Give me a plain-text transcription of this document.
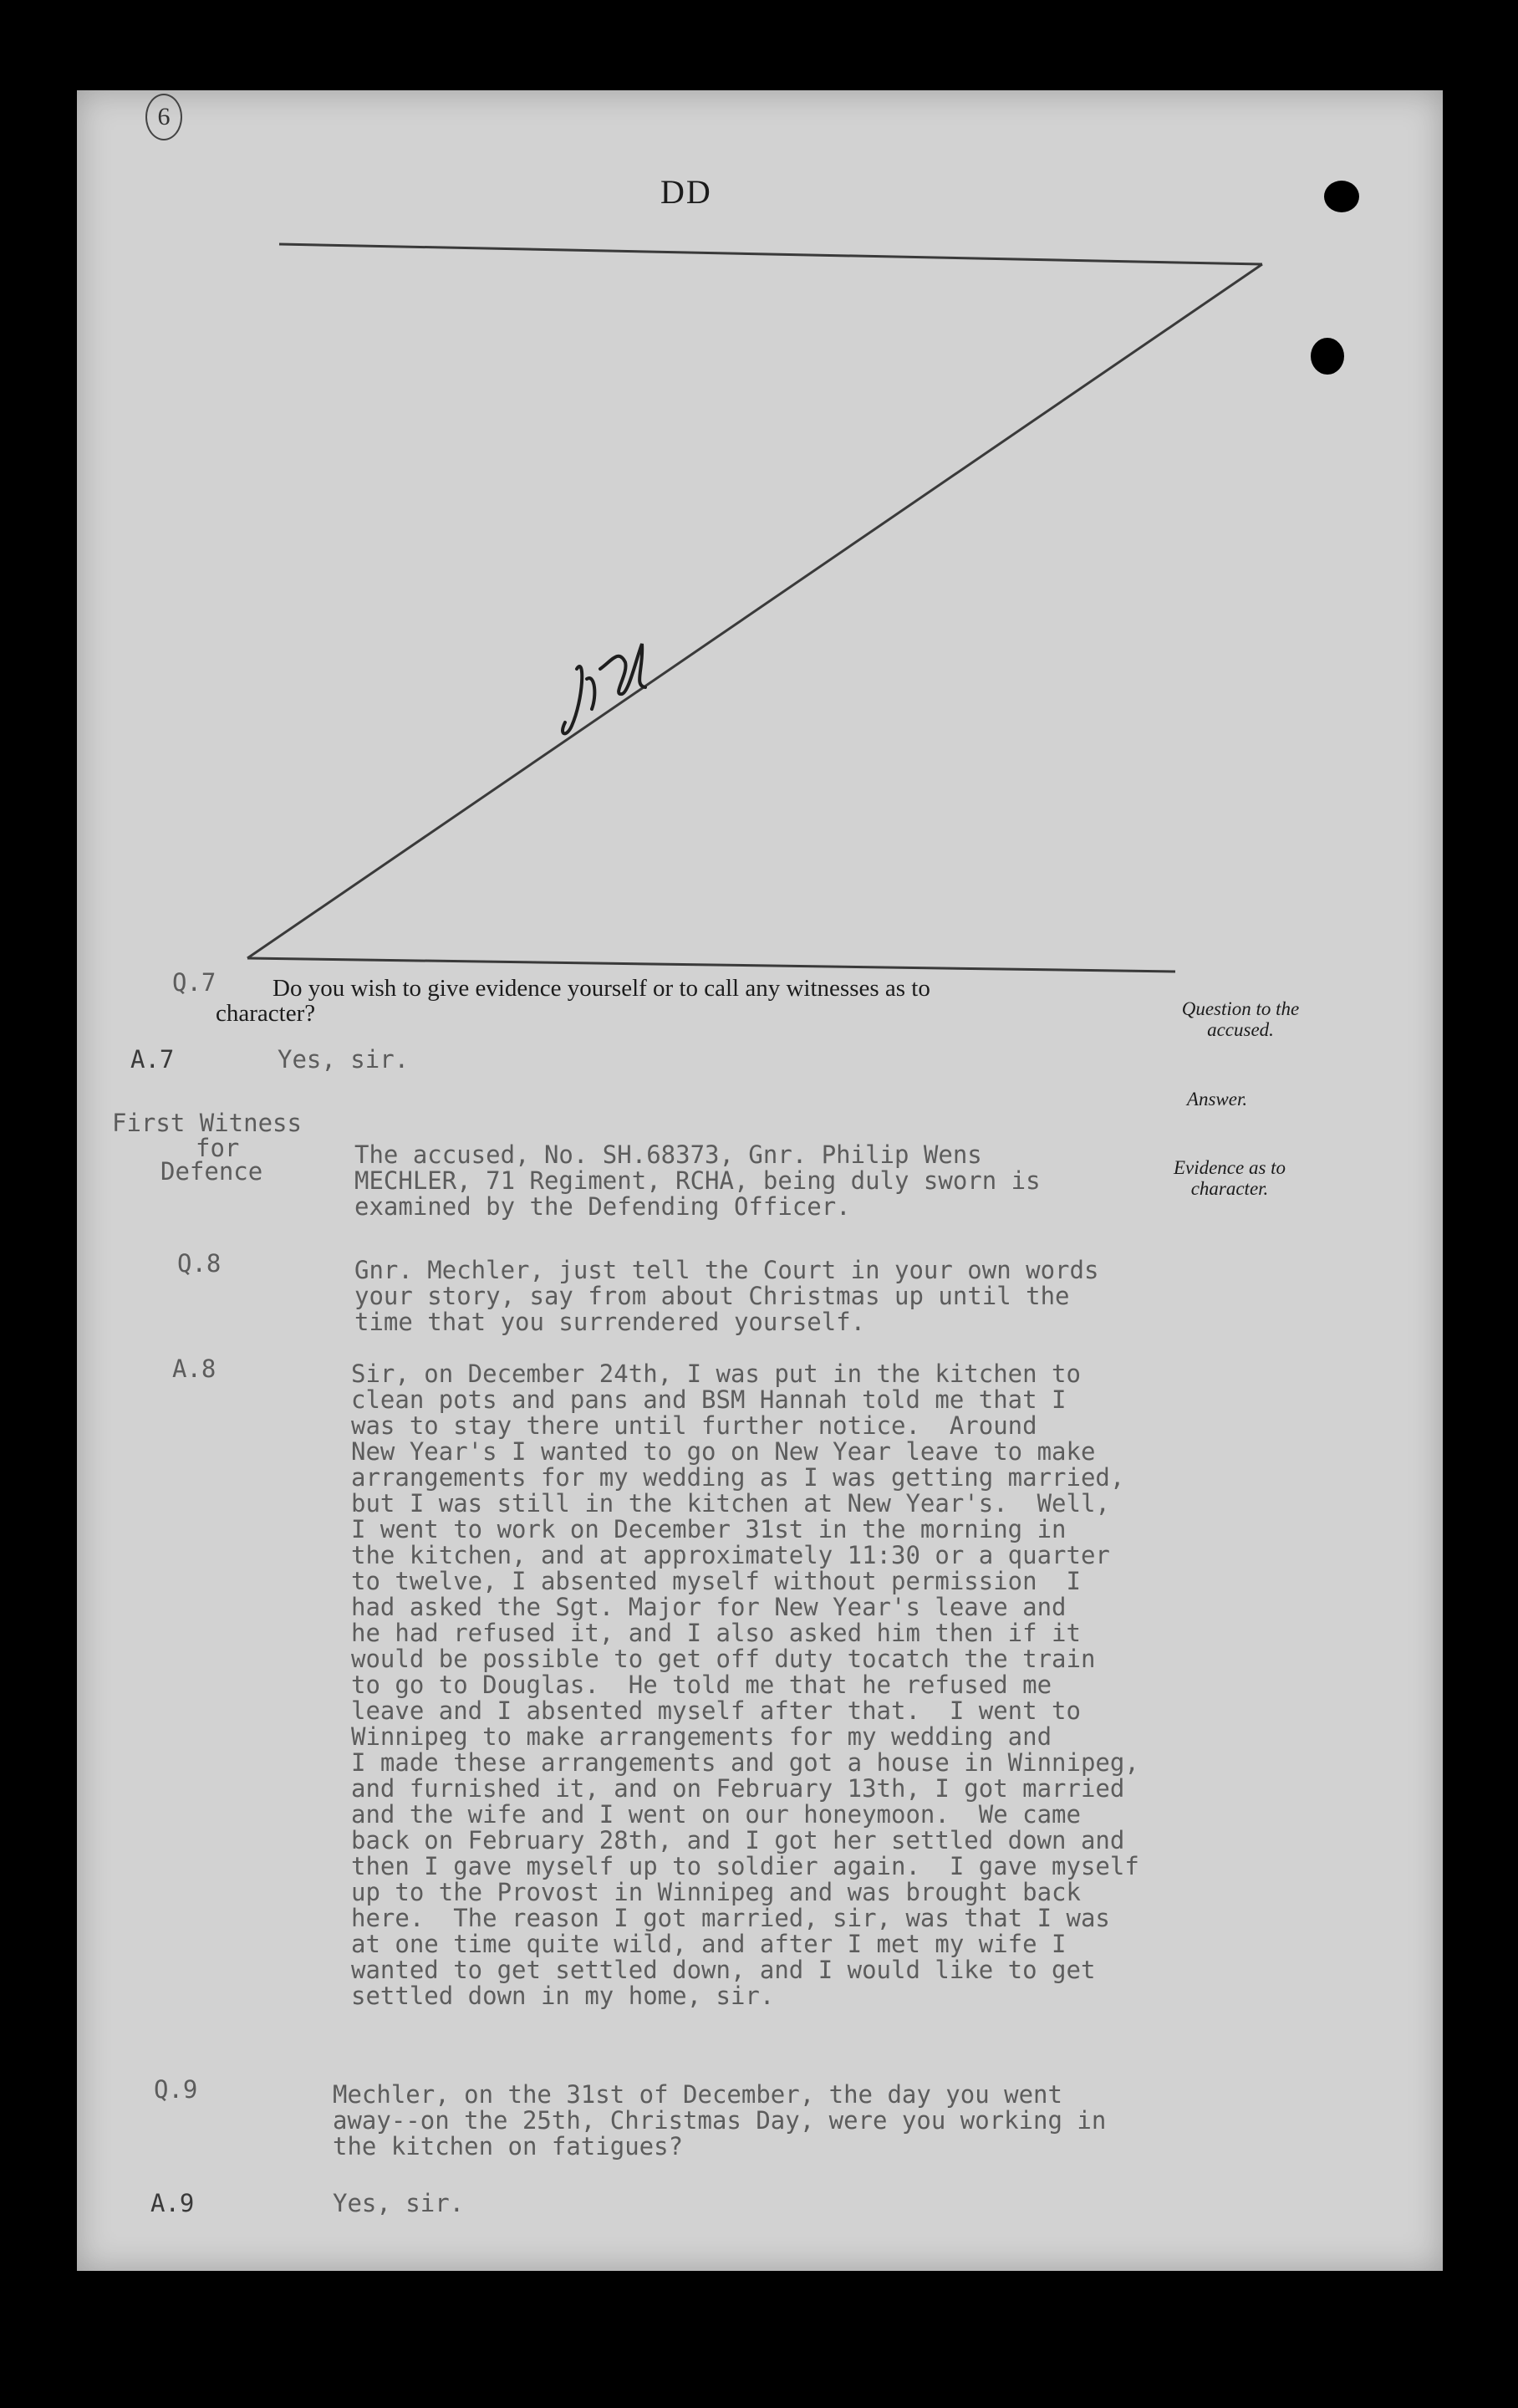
6
DD
Q.7 Do you wish to give evidence yourself or to call any witnesses as to
character?	Question to the accused.
A.7	Yes, sir.
Answer.
First Witness
for
Defence
The accused, No. SH.68373, Gnr. Philip Wens
MECHLER, 71 Regiment, RCHA, being duly sworn is
examined by the Defending Officer.
Evidence as to character.
Q.8	Gnr. Mechler, just tell the Court in your own words
your story, say from about Christmas up until the
time that you surrendered yourself.
A.8	Sir, on December 24th, I was put in the kitchen to
clean pots and pans and BSM Hannah told me that I
was to stay there until further notice.  Around
New Year's I wanted to go on New Year leave to make
arrangements for my wedding as I was getting married,
but I was still in the kitchen at New Year's.  Well,
I went to work on December 31st in the morning in
the kitchen, and at approximately 11:30 or a quarter
to twelve, I absented myself without permission  I
had asked the Sgt. Major for New Year's leave and
he had refused it, and I also asked him then if it
would be possible to get off duty tocatch the train
to go to Douglas.  He told me that he refused me
leave and I absented myself after that.  I went to
Winnipeg to make arrangements for my wedding and
I made these arrangements and got a house in Winnipeg,
and furnished it, and on February 13th, I got married
and the wife and I went on our honeymoon.  We came
back on February 28th, and I got her settled down and
then I gave myself up to soldier again.  I gave myself
up to the Provost in Winnipeg and was brought back
here.  The reason I got married, sir, was that I was
at one time quite wild, and after I met my wife I
wanted to get settled down, and I would like to get
settled down in my home, sir.
Q.9	Mechler, on the 31st of December, the day you went
away--on the 25th, Christmas Day, were you working in
the kitchen on fatigues?
A.9	Yes, sir.
